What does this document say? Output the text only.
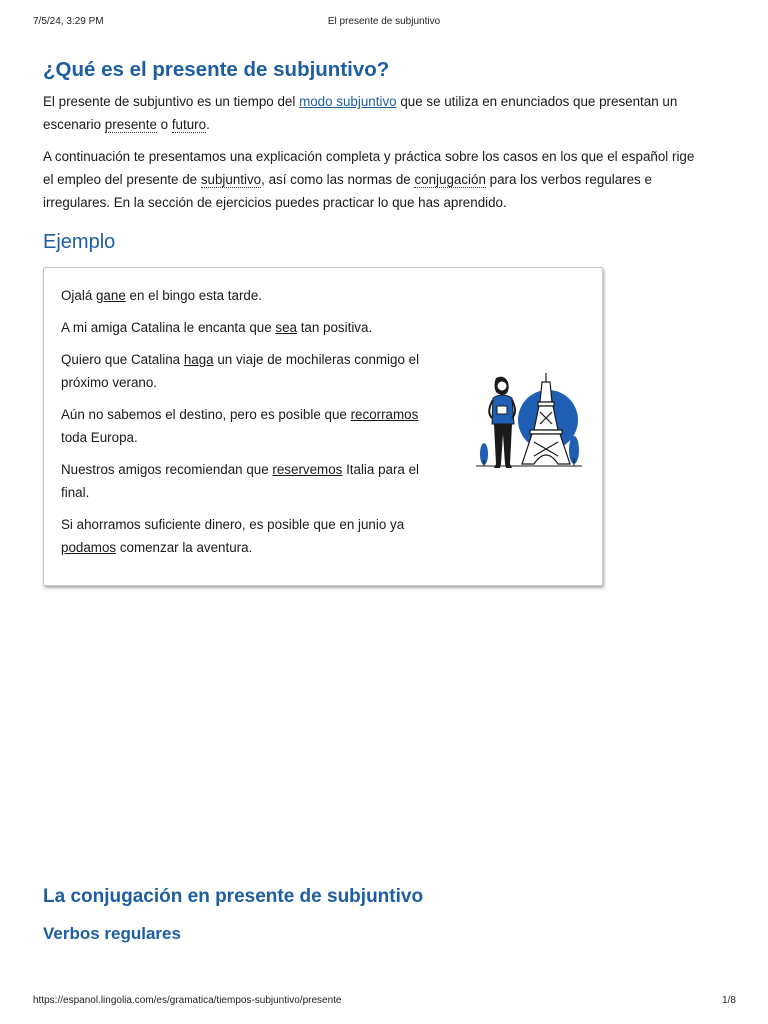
7/5/24, 3:29 PM	El presente de subjuntivo
¿Qué es el presente de subjuntivo?

El presente de subjuntivo es un tiempo del modo subjuntivo que se utiliza en enunciados que presentan un escenario presente o futuro.

A continuación te presentamos una explicación completa y práctica sobre los casos en los que el español rige el empleo del presente de subjuntivo, así como las normas de conjugación para los verbos regulares e irregulares. En la sección de ejercicios puedes practicar lo que has aprendido.

Ejemplo

Ojalá gane en el bingo esta tarde.

A mi amiga Catalina le encanta que sea tan positiva.

Quiero que Catalina haga un viaje de mochileras conmigo el próximo verano.

Aún no sabemos el destino, pero es posible que recorramos toda Europa.

Nuestros amigos recomiendan que reservemos Italia para el final.

Si ahorramos suficiente dinero, es posible que en junio ya podamos comenzar la aventura.

La conjugación en presente de subjuntivo
Verbos regulares
https://espanol.lingolia.com/es/gramatica/tiempos-subjuntivo/presente	1/8
